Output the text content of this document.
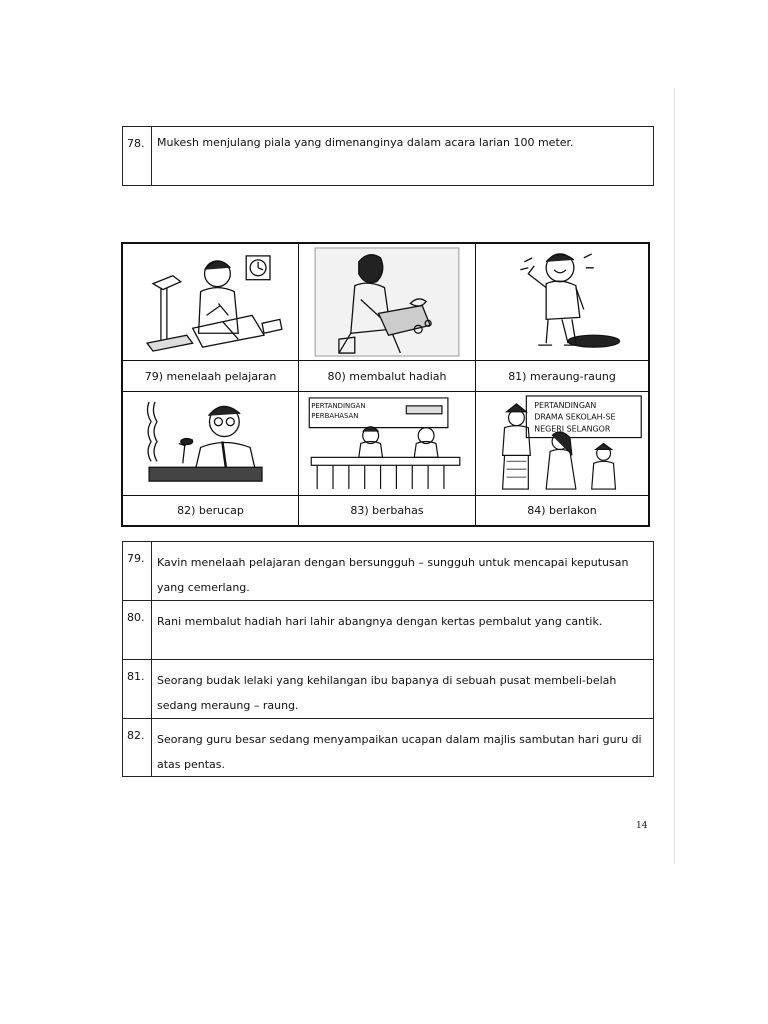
78.	Mukesh menjulang piala yang dimenanginya dalam acara larian 100 meter.
79) menelaah pelajaran	80) membalut hadiah	81) meraung-raung
PERTANDINGAN
PERBAHASAN
PERTANDINGAN
DRAMA SEKOLAH-SE
NEGERI SELANGOR
82) berucap	83) berbahas	84) berlakon
79.	Kavin menelaah pelajaran dengan bersungguh – sungguh untuk mencapai keputusan yang cemerlang.
80.	Rani membalut hadiah hari lahir abangnya dengan kertas pembalut yang cantik.
81.	Seorang budak lelaki yang kehilangan ibu bapanya di sebuah pusat membeli-belah sedang meraung – raung.
82.	Seorang guru besar sedang menyampaikan ucapan dalam majlis sambutan hari guru di atas pentas.
14
